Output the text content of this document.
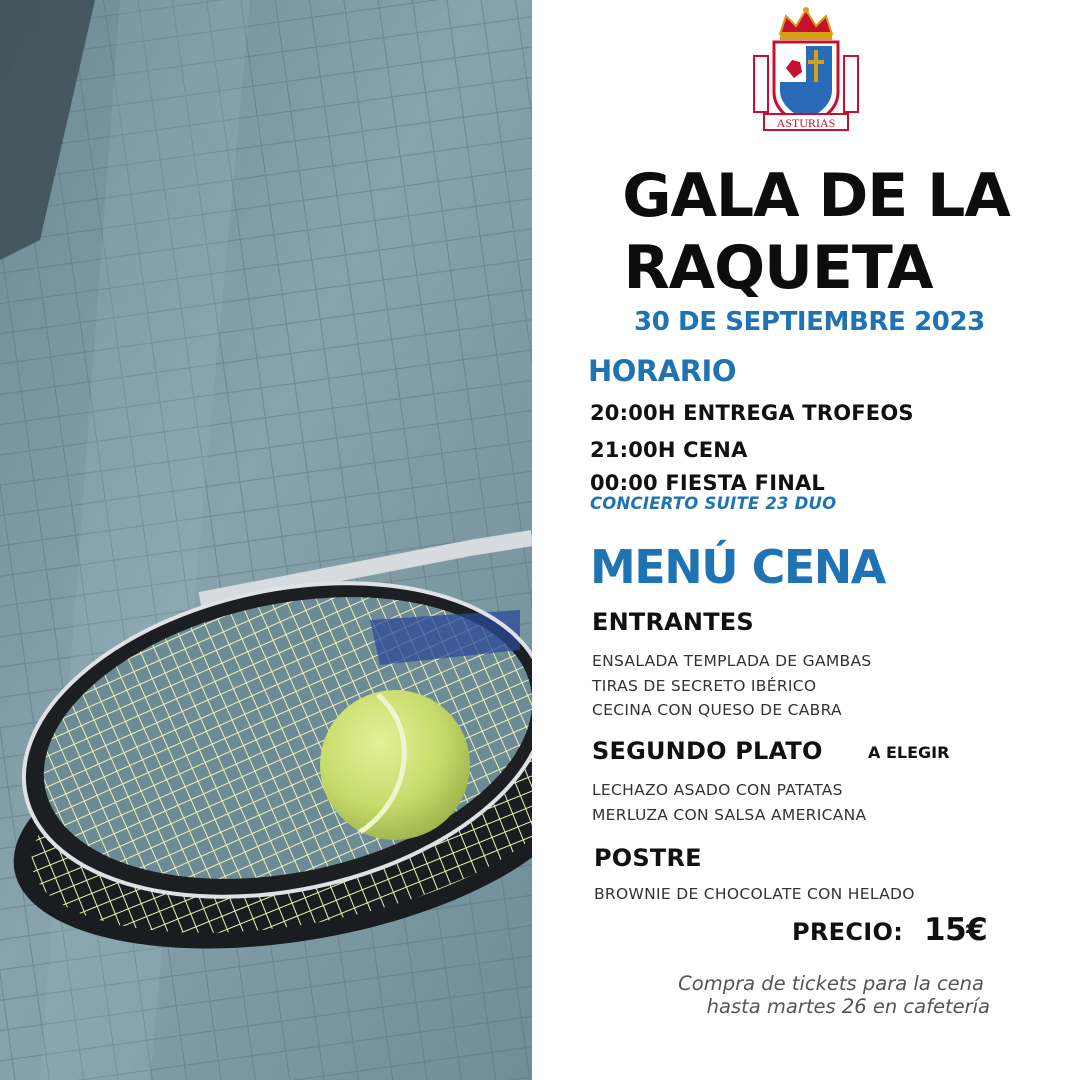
ASTURIAS
GALA DE LA
RAQUETA
30 DE SEPTIEMBRE 2023
HORARIO
20:00H ENTREGA TROFEOS
21:00H CENA
00:00 FIESTA FINAL
CONCIERTO SUITE 23 DUO
MENÚ CENA
ENTRANTES
ENSALADA TEMPLADA DE GAMBAS
TIRAS DE SECRETO IBÉRICO
CECINA CON QUESO DE CABRA
SEGUNDO PLATO	A ELEGIR
LECHAZO ASADO CON PATATAS
MERLUZA CON SALSA AMERICANA
POSTRE
BROWNIE DE CHOCOLATE CON HELADO
PRECIO: 15€
Compra de tickets para la cena
hasta martes 26 en cafetería
